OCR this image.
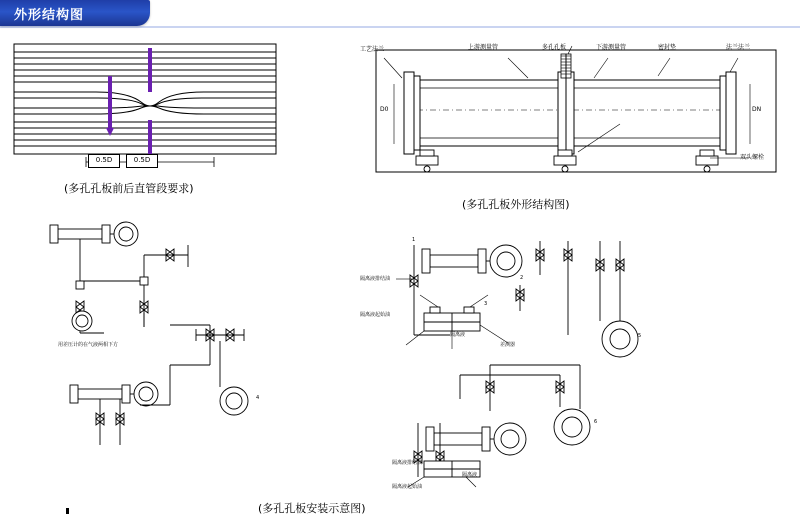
外形结构图
0.5D	0.5D
(多孔孔板前后直管段要求)
工艺法兰	上游测量管	多孔孔板	下游测量管	密封垫	法兰法兰
双头螺栓
D0	DN
(多孔孔板外形结构图)
1
2
3
5
4
6
隔离液排结油
隔离液起始油
隔离液
差测器
隔离液排结油
隔离液
隔离液起始油
用差压计的在气液两相下方
(多孔孔板安装示意图)
